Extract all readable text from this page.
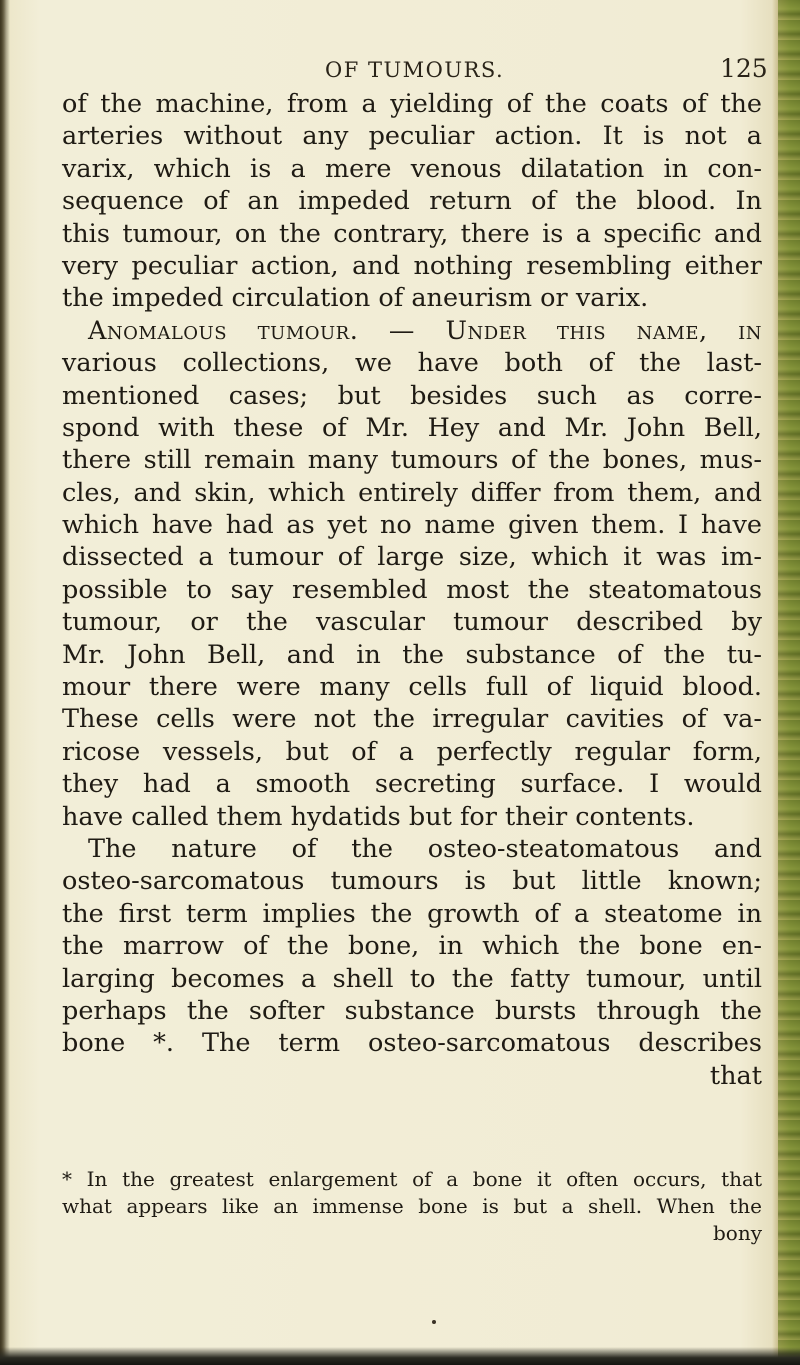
OF TUMOURS.	125
of the machine, from a yielding of the coats of the
arteries without any peculiar action. It is not a
varix, which is a mere venous dilatation in con-
sequence of an impeded return of the blood. In
this tumour, on the contrary, there is a specific and
very peculiar action, and nothing resembling either
the impeded circulation of aneurism or varix.
Anomalous tumour. — Under this name, in
various collections, we have both of the last-
mentioned cases; but besides such as corre-
spond with these of Mr. Hey and Mr. John Bell,
there still remain many tumours of the bones, mus-
cles, and skin, which entirely differ from them, and
which have had as yet no name given them. I have
dissected a tumour of large size, which it was im-
possible to say resembled most the steatomatous
tumour, or the vascular tumour described by
Mr. John Bell, and in the substance of the tu-
mour there were many cells full of liquid blood.
These cells were not the irregular cavities of va-
ricose vessels, but of a perfectly regular form,
they had a smooth secreting surface. I would
have called them hydatids but for their contents.
The nature of the osteo-steatomatous and
osteo-sarcomatous tumours is but little known;
the first term implies the growth of a steatome in
the marrow of the bone, in which the bone en-
larging becomes a shell to the fatty tumour, until
perhaps the softer substance bursts through the
bone *. The term osteo-sarcomatous describes
that
* In the greatest enlargement of a bone it often occurs, that
what appears like an immense bone is but a shell. When the
bony
